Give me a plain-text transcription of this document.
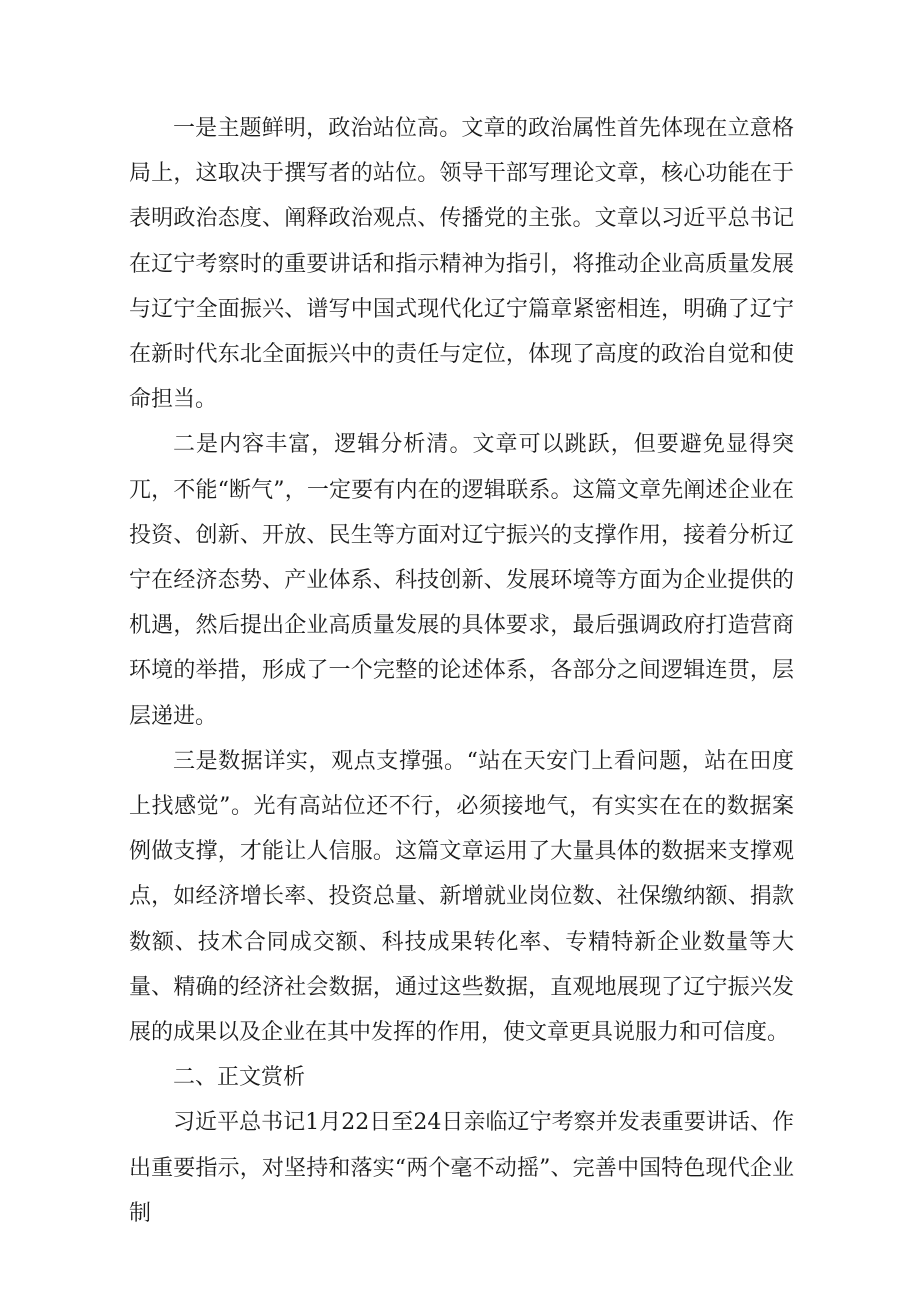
一是主题鲜明，政治站位高。文章的政治属性首先体现在立意格局上，这取决于撰写者的站位。领导干部写理论文章，核心功能在于表明政治态度、阐释政治观点、传播党的主张。文章以习近平总书记在辽宁考察时的重要讲话和指示精神为指引，将推动企业高质量发展与辽宁全面振兴、谱写中国式现代化辽宁篇章紧密相连，明确了辽宁在新时代东北全面振兴中的责任与定位，体现了高度的政治自觉和使命担当。

二是内容丰富，逻辑分析清。文章可以跳跃，但要避免显得突兀，不能“断气”，一定要有内在的逻辑联系。这篇文章先阐述企业在投资、创新、开放、民生等方面对辽宁振兴的支撑作用，接着分析辽宁在经济态势、产业体系、科技创新、发展环境等方面为企业提供的机遇，然后提出企业高质量发展的具体要求，最后强调政府打造营商环境的举措，形成了一个完整的论述体系，各部分之间逻辑连贯，层层递进。

三是数据详实，观点支撑强。“站在天安门上看问题，站在田度上找感觉”。光有高站位还不行，必须接地气，有实实在在的数据案例做支撑，才能让人信服。这篇文章运用了大量具体的数据来支撑观点，如经济增长率、投资总量、新增就业岗位数、社保缴纳额、捐款数额、技术合同成交额、科技成果转化率、专精特新企业数量等大量、精确的经济社会数据，通过这些数据，直观地展现了辽宁振兴发展的成果以及企业在其中发挥的作用，使文章更具说服力和可信度。

二、正文赏析

习近平总书记1月22日至24日亲临辽宁考察并发表重要讲话、作出重要指示，对坚持和落实“两个毫不动摇”、完善中国特色现代企业制
